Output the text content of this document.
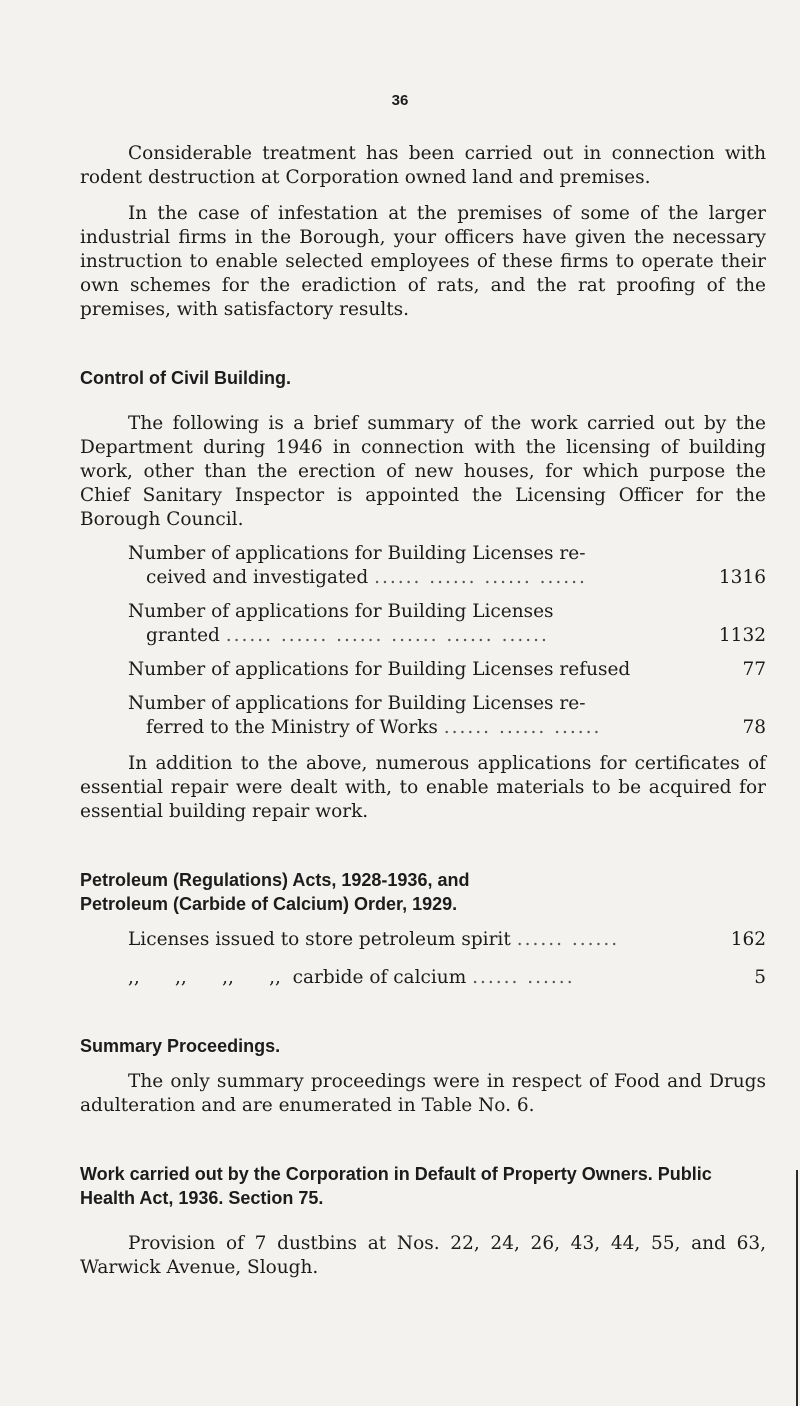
36

Considerable treatment has been carried out in connection with rodent destruction at Corporation owned land and premises.

In the case of infestation at the premises of some of the larger industrial firms in the Borough, your officers have given the necessary instruction to enable selected employees of these firms to operate their own schemes for the eradiction of rats, and the rat proofing of the premises, with satisfactory results.

Control of Civil Building.

The following is a brief summary of the work carried out by the Department during 1946 in connection with the licensing of building work, other than the erection of new houses, for which purpose the Chief Sanitary Inspector is appointed the Licensing Officer for the Borough Council.

Number of applications for Building Licenses re-
ceived and investigated ...... ...... ...... ......	1316
Number of applications for Building Licenses
granted ...... ...... ...... ...... ...... ......	1132
Number of applications for Building Licenses refused	77
Number of applications for Building Licenses re-
ferred to the Ministry of Works ...... ...... ......	78

In addition to the above, numerous applications for certificates of essential repair were dealt with, to enable materials to be acquired for essential building repair work.

Petroleum (Regulations) Acts, 1928-1936, and
Petroleum (Carbide of Calcium) Order, 1929.
Licenses issued to store petroleum spirit ...... ......	162
,,      ,,      ,,      ,,  carbide of calcium ...... ......	5
Summary Proceedings.

The only summary proceedings were in respect of Food and Drugs adulteration and are enumerated in Table No. 6.

Work carried out by the Corporation in Default of Property Owners. Public Health Act, 1936. Section 75.

Provision of 7 dustbins at Nos. 22, 24, 26, 43, 44, 55, and 63, Warwick Avenue, Slough.
